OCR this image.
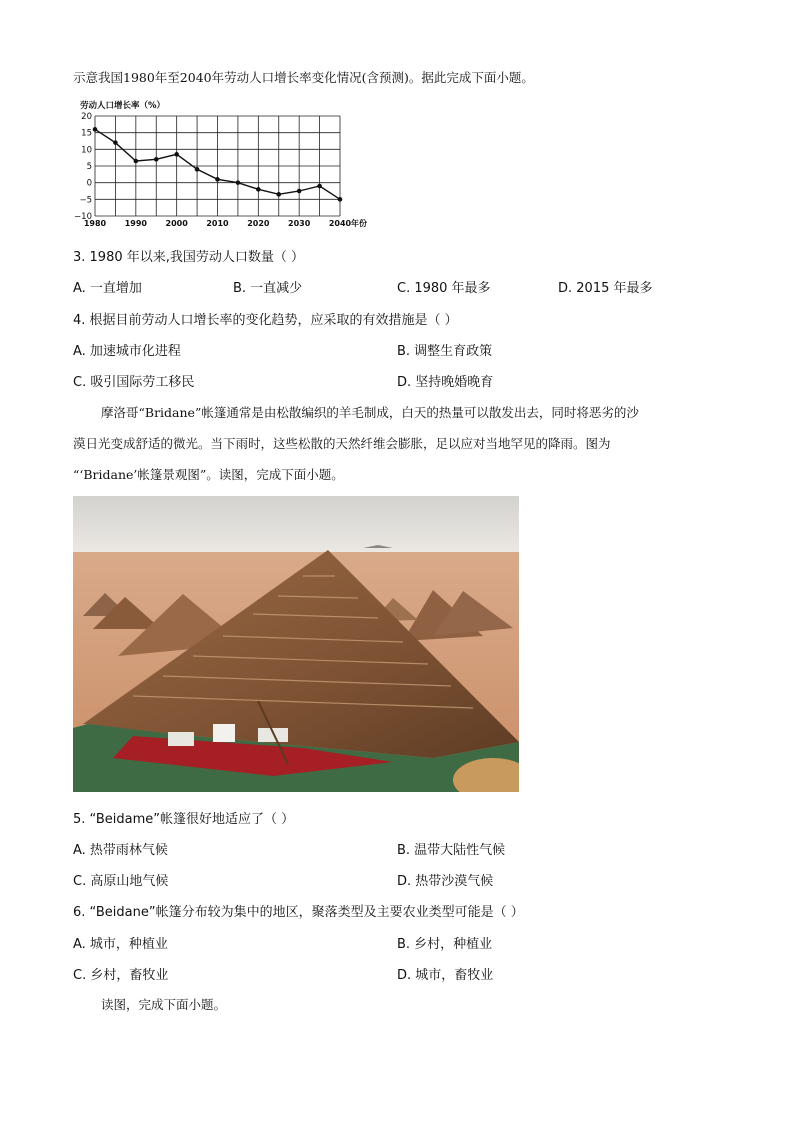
示意我国1980年至2040年劳动人口增长率变化情况(含预测)。据此完成下面小题。
劳动人口增长率（%）
20
15
10
5
0
−5
−10
1980 1990 2000 2010 2020 2030 2040 年份
3. 1980 年以来,我国劳动人口数量（ ）
A. 一直增加	B. 一直减少	C. 1980 年最多	D. 2015 年最多
4. 根据目前劳动人口增长率的变化趋势，应采取的有效措施是（ ）
A. 加速城市化进程	B. 调整生育政策
C. 吸引国际劳工移民	D. 坚持晚婚晚育
摩洛哥“Bridane”帐篷通常是由松散编织的羊毛制成，白天的热量可以散发出去，同时将恶劣的沙
漠日光变成舒适的微光。当下雨时，这些松散的天然纤维会膨胀，足以应对当地罕见的降雨。图为
“‘Bridane’帐篷景观图”。读图，完成下面小题。
5. “Beidame”帐篷很好地适应了（ ）
A. 热带雨林气候	B. 温带大陆性气候
C. 高原山地气候	D. 热带沙漠气候
6. “Beidane”帐篷分布较为集中的地区，聚落类型及主要农业类型可能是（ ）
A. 城市，种植业	B. 乡村，种植业
C. 乡村，畜牧业	D. 城市，畜牧业
读图，完成下面小题。
